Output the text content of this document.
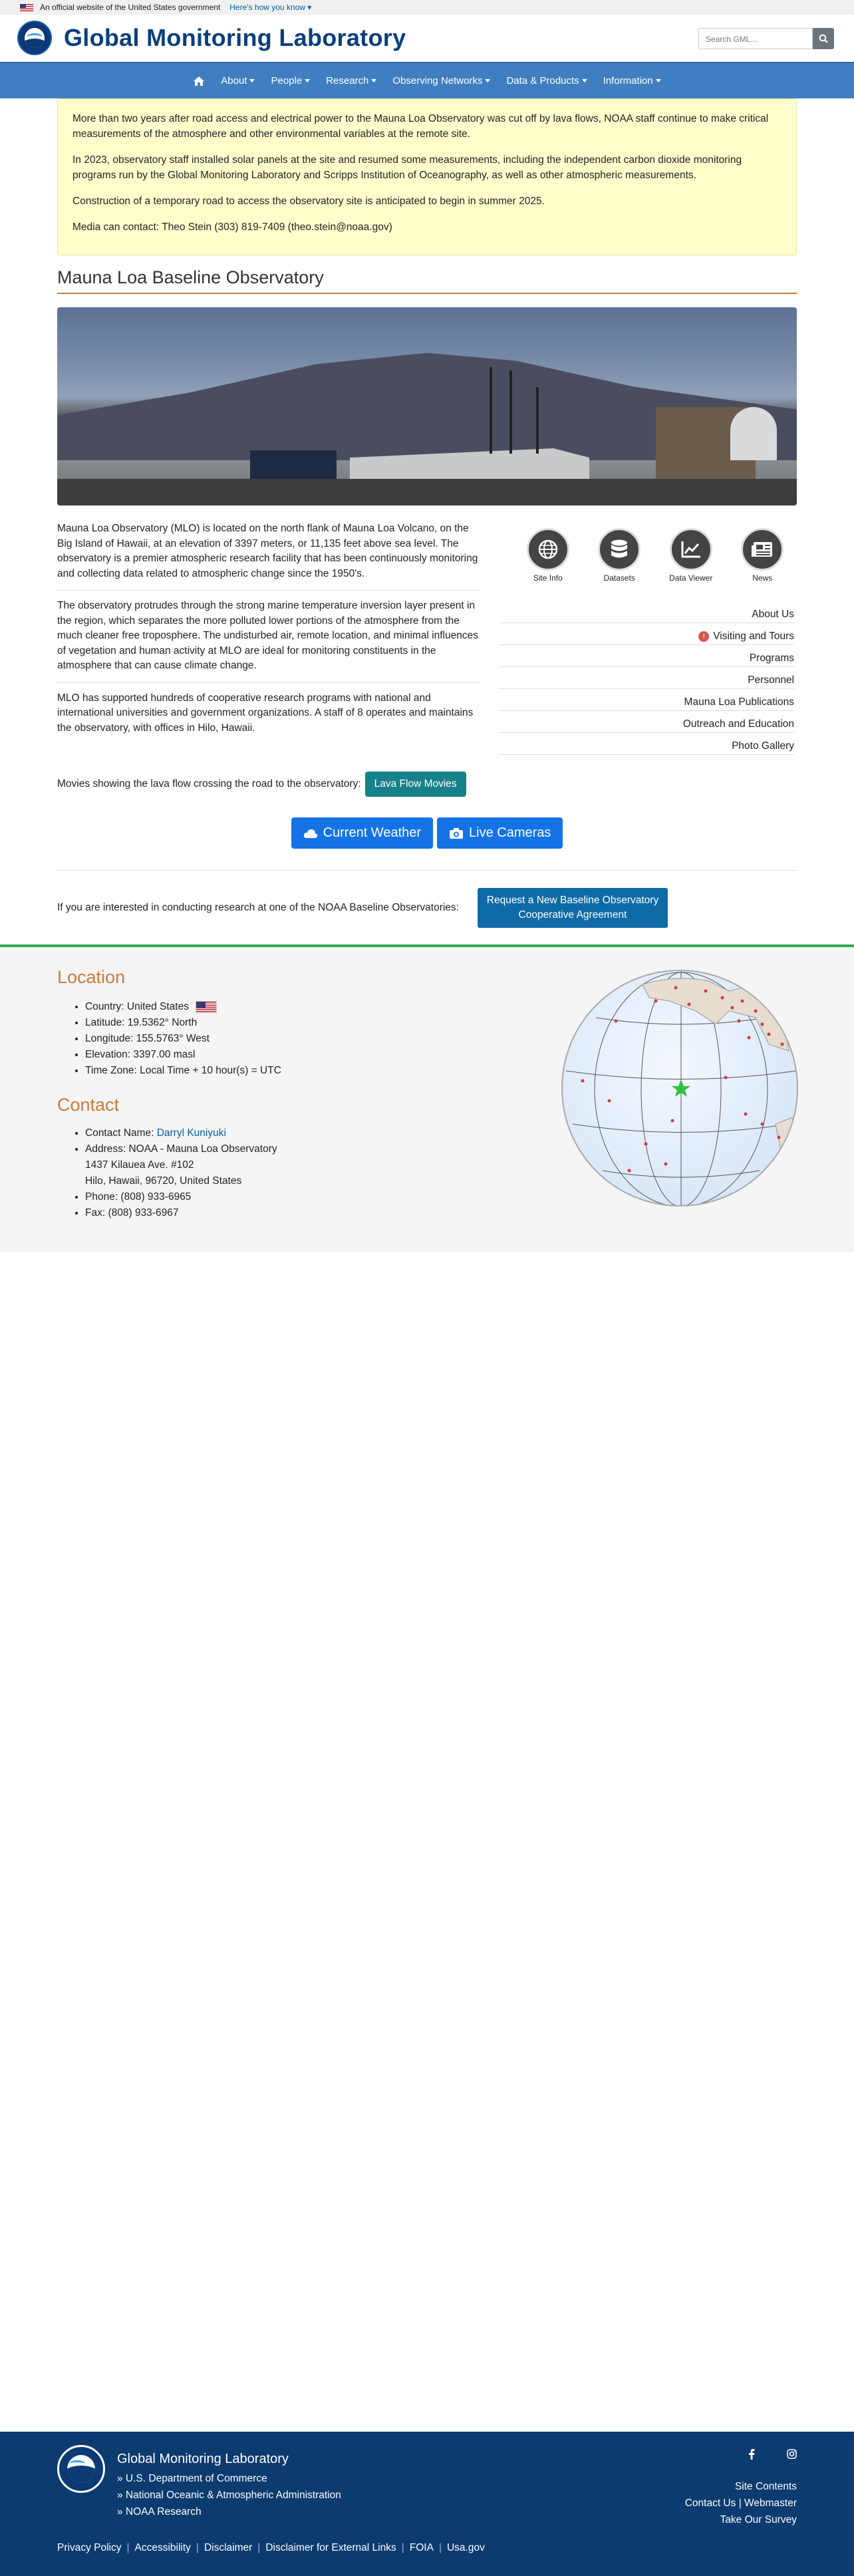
An official website of the United States government Here's how you know ▾
Global Monitoring Laboratory	Search GML...
About People Research Observing Networks Data & Products Information

More than two years after road access and electrical power to the Mauna Loa Observatory was cut off by lava flows, NOAA staff continue to make critical measurements of the atmosphere and other environmental variables at the remote site.

In 2023, observatory staff installed solar panels at the site and resumed some measurements, including the independent carbon dioxide monitoring programs run by the Global Monitoring Laboratory and Scripps Institution of Oceanography, as well as other atmospheric measurements.

Construction of a temporary road to access the observatory site is anticipated to begin in summer 2025.

Media can contact: Theo Stein (303) 819-7409 (theo.stein@noaa.gov)

Mauna Loa Baseline Observatory

Mauna Loa Observatory (MLO) is located on the north flank of Mauna Loa Volcano, on the Big Island of Hawaii, at an elevation of 3397 meters, or 11,135 feet above sea level. The observatory is a premier atmospheric research facility that has been continuously monitoring and collecting data related to atmospheric change since the 1950's.

The observatory protrudes through the strong marine temperature inversion layer present in the region, which separates the more polluted lower portions of the atmosphere from the much cleaner free troposphere. The undisturbed air, remote location, and minimal influences of vegetation and human activity at MLO are ideal for monitoring constituents in the atmosphere that can cause climate change.

MLO has supported hundreds of cooperative research programs with national and international universities and government organizations. A staff of 8 operates and maintains the observatory, with offices in Hilo, Hawaii.

Site Info	Datasets	Data Viewer	News
About Us
! Visiting and Tours
Programs
Personnel
Mauna Loa Publications
Outreach and Education
Photo Gallery
Movies showing the lava flow crossing the road to the observatory:	Lava Flow Movies
Current Weather	Live Cameras
If you are interested in conducting research at one of the NOAA Baseline Observatories:
Request a New Baseline Observatory
Cooperative Agreement
Location
• Country: United States
• Latitude: 19.5362° North
• Longitude: 155.5763° West
• Elevation: 3397.00 masl
• Time Zone: Local Time + 10 hour(s) = UTC
Contact
• Contact Name: Darryl Kuniyuki
• Address: NOAA - Mauna Loa Observatory
1437 Kilauea Ave. #102
Hilo, Hawaii, 96720, United States
• Phone: (808) 933-6965
• Fax: (808) 933-6967
Global Monitoring Laboratory
» U.S. Department of Commerce
» National Oceanic & Atmospheric Administration
» NOAA Research
Site Contents
Contact Us | Webmaster
Take Our Survey
Privacy Policy | Accessibility | Disclaimer | Disclaimer for External Links | FOIA | Usa.gov
